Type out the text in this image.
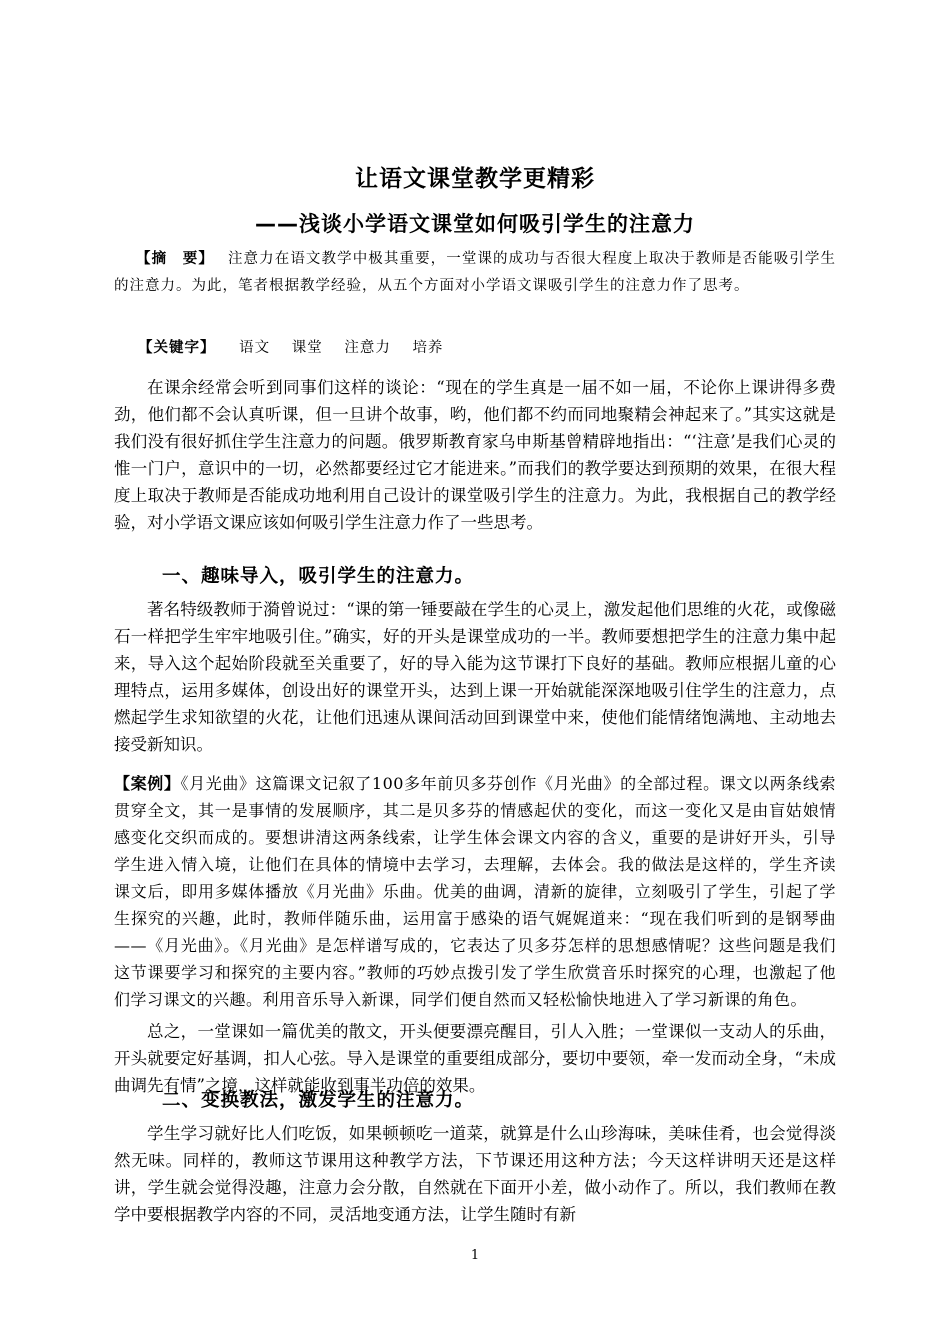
让语文课堂教学更精彩
——浅谈小学语文课堂如何吸引学生的注意力
【摘　要】 注意力在语文教学中极其重要，一堂课的成功与否很大程度上取决于教师是否能吸引学生的注意力。为此，笔者根据教学经验，从五个方面对小学语文课吸引学生的注意力作了思考。
【关键字】 语文 课堂 注意力 培养

在课余经常会听到同事们这样的谈论：“现在的学生真是一届不如一届，不论你上课讲得多费劲，他们都不会认真听课，但一旦讲个故事，哟，他们都不约而同地聚精会神起来了。”其实这就是我们没有很好抓住学生注意力的问题。俄罗斯教育家乌申斯基曾精辟地指出：“‘注意’是我们心灵的惟一门户，意识中的一切，必然都要经过它才能进来。”而我们的教学要达到预期的效果，在很大程度上取决于教师是否能成功地利用自己设计的课堂吸引学生的注意力。为此，我根据自己的教学经验，对小学语文课应该如何吸引学生注意力作了一些思考。

一、趣味导入，吸引学生的注意力。

著名特级教师于漪曾说过：“课的第一锤要敲在学生的心灵上，激发起他们思维的火花，或像磁石一样把学生牢牢地吸引住。”确实，好的开头是课堂成功的一半。教师要想把学生的注意力集中起来，导入这个起始阶段就至关重要了，好的导入能为这节课打下良好的基础。教师应根据儿童的心理特点，运用多媒体，创设出好的课堂开头，达到上课一开始就能深深地吸引住学生的注意力，点燃起学生求知欲望的火花，让他们迅速从课间活动回到课堂中来，使他们能情绪饱满地、主动地去接受新知识。

【案例】《月光曲》这篇课文记叙了100多年前贝多芬创作《月光曲》的全部过程。课文以两条线索贯穿全文，其一是事情的发展顺序，其二是贝多芬的情感起伏的变化，而这一变化又是由盲姑娘情感变化交织而成的。要想讲清这两条线索，让学生体会课文内容的含义，重要的是讲好开头，引导学生进入情入境，让他们在具体的情境中去学习，去理解，去体会。我的做法是这样的，学生齐读课文后，即用多媒体播放《月光曲》乐曲。优美的曲调，清新的旋律，立刻吸引了学生，引起了学生探究的兴趣，此时，教师伴随乐曲，运用富于感染的语气娓娓道来：“现在我们听到的是钢琴曲——《月光曲》。《月光曲》是怎样谱写成的，它表达了贝多芬怎样的思想感情呢？这些问题是我们这节课要学习和探究的主要内容。”教师的巧妙点拨引发了学生欣赏音乐时探究的心理，也激起了他们学习课文的兴趣。利用音乐导入新课，同学们便自然而又轻松愉快地进入了学习新课的角色。

总之，一堂课如一篇优美的散文，开头便要漂亮醒目，引人入胜；一堂课似一支动人的乐曲，开头就要定好基调，扣人心弦。导入是课堂的重要组成部分，要切中要领，牵一发而动全身，“未成曲调先有情”之境，这样就能收到事半功倍的效果。

二、变换教法，激发学生的注意力。

学生学习就好比人们吃饭，如果顿顿吃一道菜，就算是什么山珍海味，美味佳肴，也会觉得淡然无味。同样的，教师这节课用这种教学方法，下节课还用这种方法；今天这样讲明天还是这样讲，学生就会觉得没趣，注意力会分散，自然就在下面开小差，做小动作了。所以，我们教师在教学中要根据教学内容的不同，灵活地变通方法，让学生随时有新

1
